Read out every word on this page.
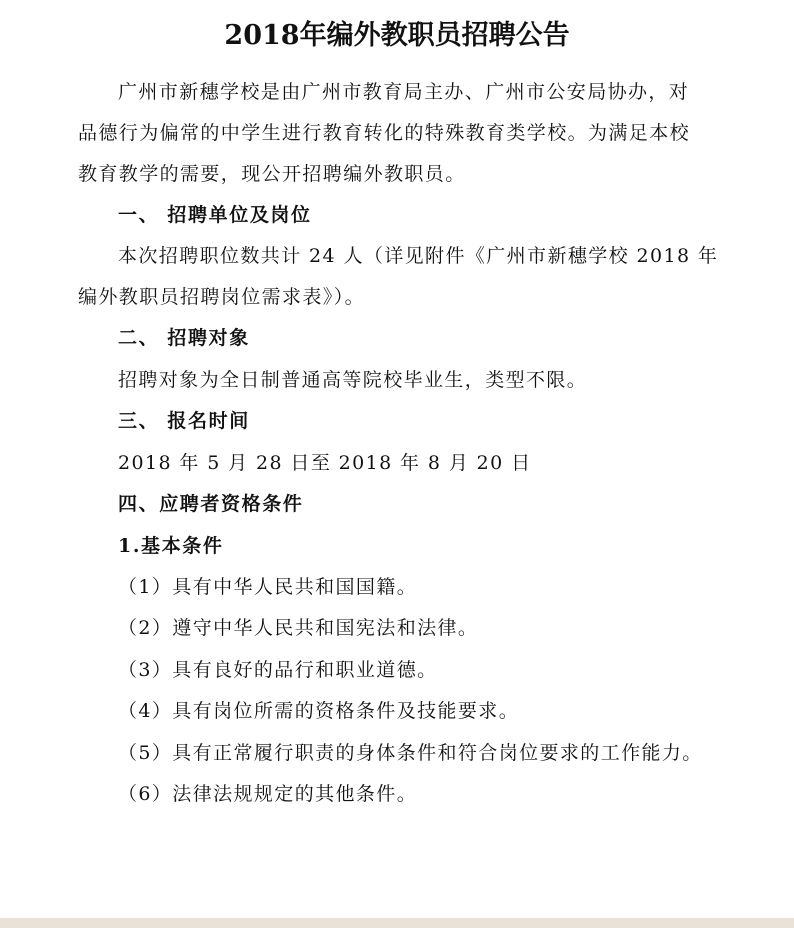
2018年编外教职员招聘公告
广州市新穗学校是由广州市教育局主办、广州市公安局协办，对
品德行为偏常的中学生进行教育转化的特殊教育类学校。为满足本校
教育教学的需要，现公开招聘编外教职员。
一、 招聘单位及岗位
本次招聘职位数共计 24 人（详见附件《广州市新穗学校 2018 年
编外教职员招聘岗位需求表》）。
二、 招聘对象
招聘对象为全日制普通高等院校毕业生，类型不限。
三、 报名时间
2018 年 5 月 28 日至 2018 年 8 月 20 日
四、应聘者资格条件
1.基本条件
（1）具有中华人民共和国国籍。
（2）遵守中华人民共和国宪法和法律。
（3）具有良好的品行和职业道德。
（4）具有岗位所需的资格条件及技能要求。
（5）具有正常履行职责的身体条件和符合岗位要求的工作能力。
（6）法律法规规定的其他条件。
